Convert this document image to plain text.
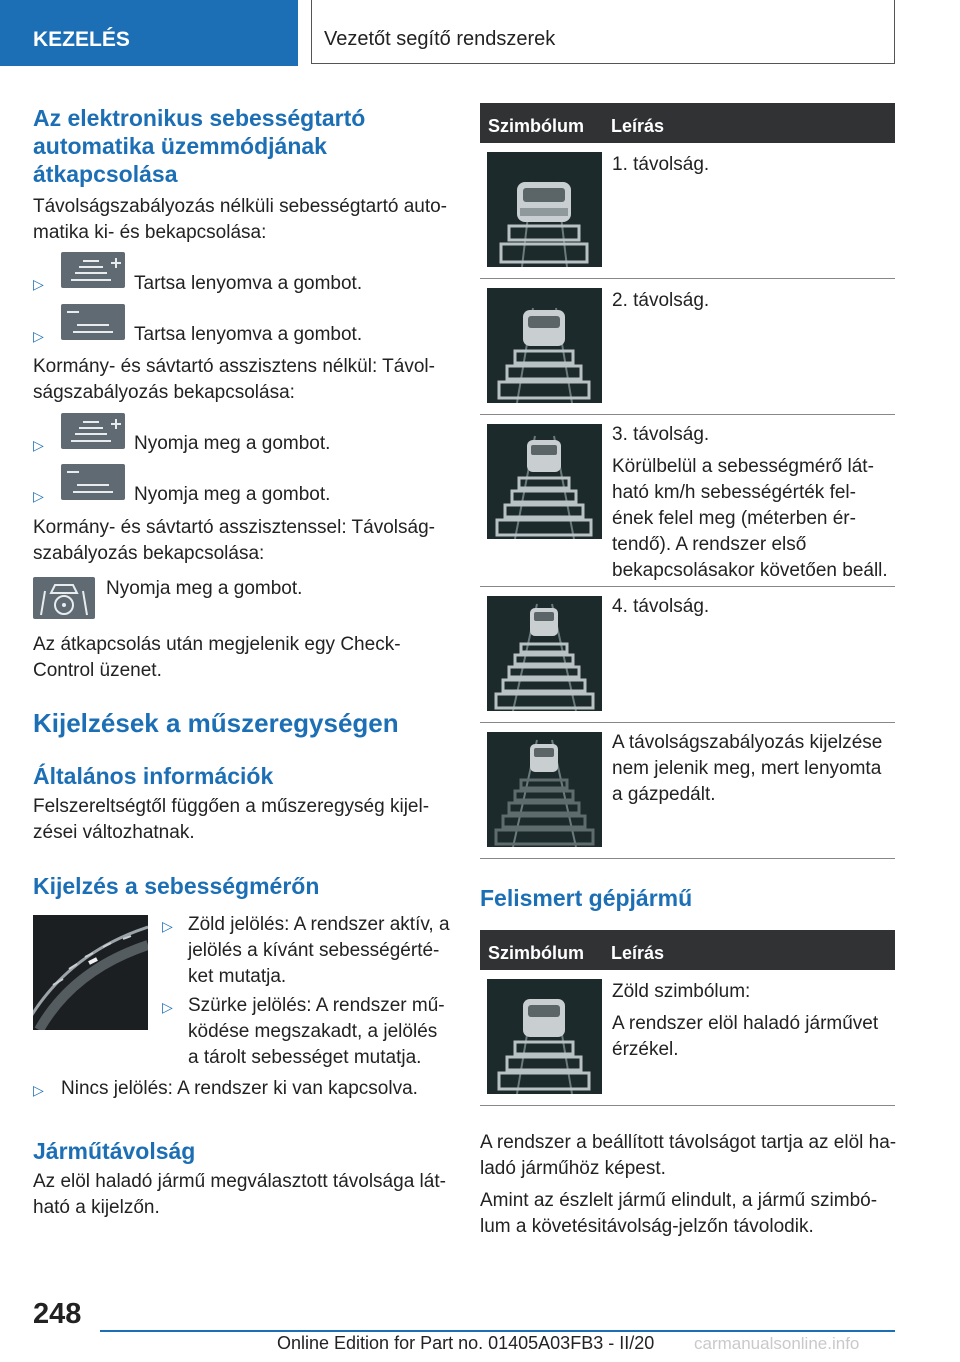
KEZELÉS	Vezetőt segítő rendszerek
Az elektronikus sebességtartó
automatika üzemmódjának
átkapcsolása
Távolságszabályozás nélküli sebességtartó auto-
matika ki- és bekapcsolása:
▷	Tartsa lenyomva a gombot.
▷	Tartsa lenyomva a gombot.
Kormány- és sávtartó asszisztens nélkül: Távol-
ságszabályozás bekapcsolása:
▷	Nyomja meg a gombot.
▷	Nyomja meg a gombot.
Kormány- és sávtartó asszisztenssel: Távolság-
szabályozás bekapcsolása:
Nyomja meg a gombot.
Az átkapcsolás után megjelenik egy Check-
Control üzenet.
Kijelzések a műszeregységen
Általános információk
Felszereltségtől függően a műszeregység kijel-
zései változhatnak.
Kijelzés a sebességmérőn
▷ Zöld jelölés: A rendszer aktív, a
jelölés a kívánt sebességérté-
ket mutatja.
▷ Szürke jelölés: A rendszer mű-
ködése megszakadt, a jelölés
a tárolt sebességet mutatja.
▷ Nincs jelölés: A rendszer ki van kapcsolva.
Járműtávolság
Az elöl haladó jármű megválasztott távolsága lát-
ható a kijelzőn.
Szimbólum Leírás
1. távolság.
2. távolság.
3. távolság.
Körülbelül a sebességmérő lát-
ható km/h sebességérték fel-
ének felel meg (méterben ér-
tendő). A rendszer első
bekapcsolásakor követően beáll.
4. távolság.
A távolságszabályozás kijelzése
nem jelenik meg, mert lenyomta
a gázpedált.
Felismert gépjármű
Szimbólum Leírás
Zöld szimbólum:
A rendszer elöl haladó járművet
érzékel.
A rendszer a beállított távolságot tartja az elöl ha-
ladó járműhöz képest.
Amint az észlelt jármű elindult, a jármű szimbó-
lum a követésitávolság-jelzőn távolodik.
248
Online Edition for Part no. 01405A03FB3 - II/20 carmanualsonline.info
